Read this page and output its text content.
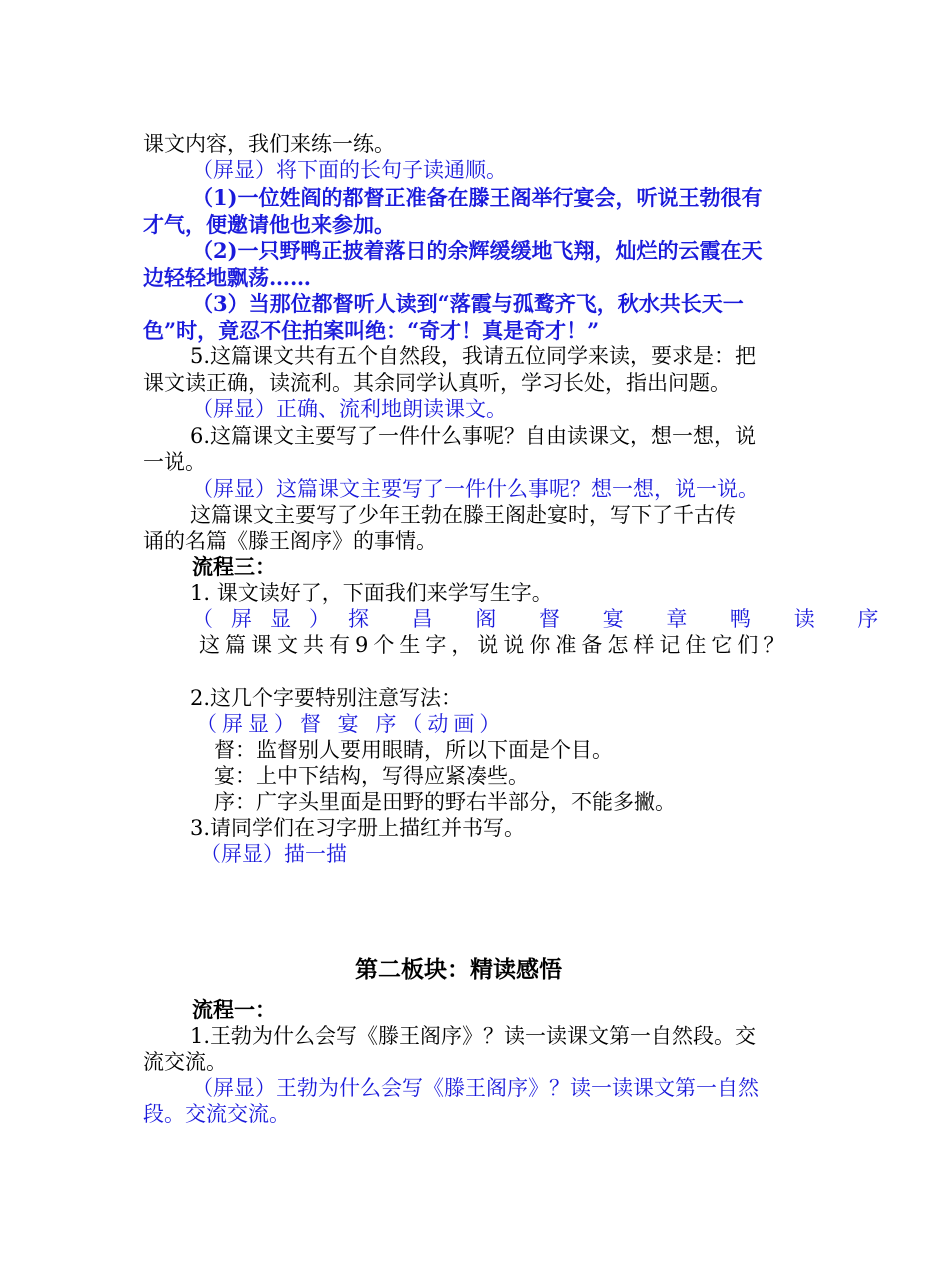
课文内容，我们来练一练。
（屏显）将下面的长句子读通顺。
（1)一位姓阎的都督正准备在滕王阁举行宴会，听说王勃很有
才气，便邀请他也来参加。
（2)一只野鸭正披着落日的余辉缓缓地飞翔，灿烂的云霞在天
边轻轻地飘荡……
（3）当那位都督听人读到“落霞与孤鹜齐飞，秋水共长天一
色”时，竟忍不住拍案叫绝：“奇才！真是奇才！”
5.这篇课文共有五个自然段，我请五位同学来读，要求是：把
课文读正确，读流利。其余同学认真听，学习长处，指出问题。
（屏显）正确、流利地朗读课文。
6.这篇课文主要写了一件什么事呢？自由读课文，想一想，说
一说。
（屏显）这篇课文主要写了一件什么事呢？想一想，说一说。
这篇课文主要写了少年王勃在滕王阁赴宴时，写下了千古传
诵的名篇《滕王阁序》的事情。
流程三：
1. 课文读好了，下面我们来学写生字。
（屏显）探 昌 阁 督 宴 章 鸭 读 序
这篇课文共有9个生字，说说你准备怎样记住它们？
2.这几个字要特别注意写法：
（屏显）督 宴 序（动画）
督：监督别人要用眼睛，所以下面是个目。
宴：上中下结构，写得应紧凑些。
序：广字头里面是田野的野右半部分，不能多撇。
3.请同学们在习字册上描红并书写。
（屏显）描一描
第二板块：精读感悟
流程一：
1.王勃为什么会写《滕王阁序》？读一读课文第一自然段。交
流交流。
（屏显）王勃为什么会写《滕王阁序》？读一读课文第一自然
段。交流交流。
